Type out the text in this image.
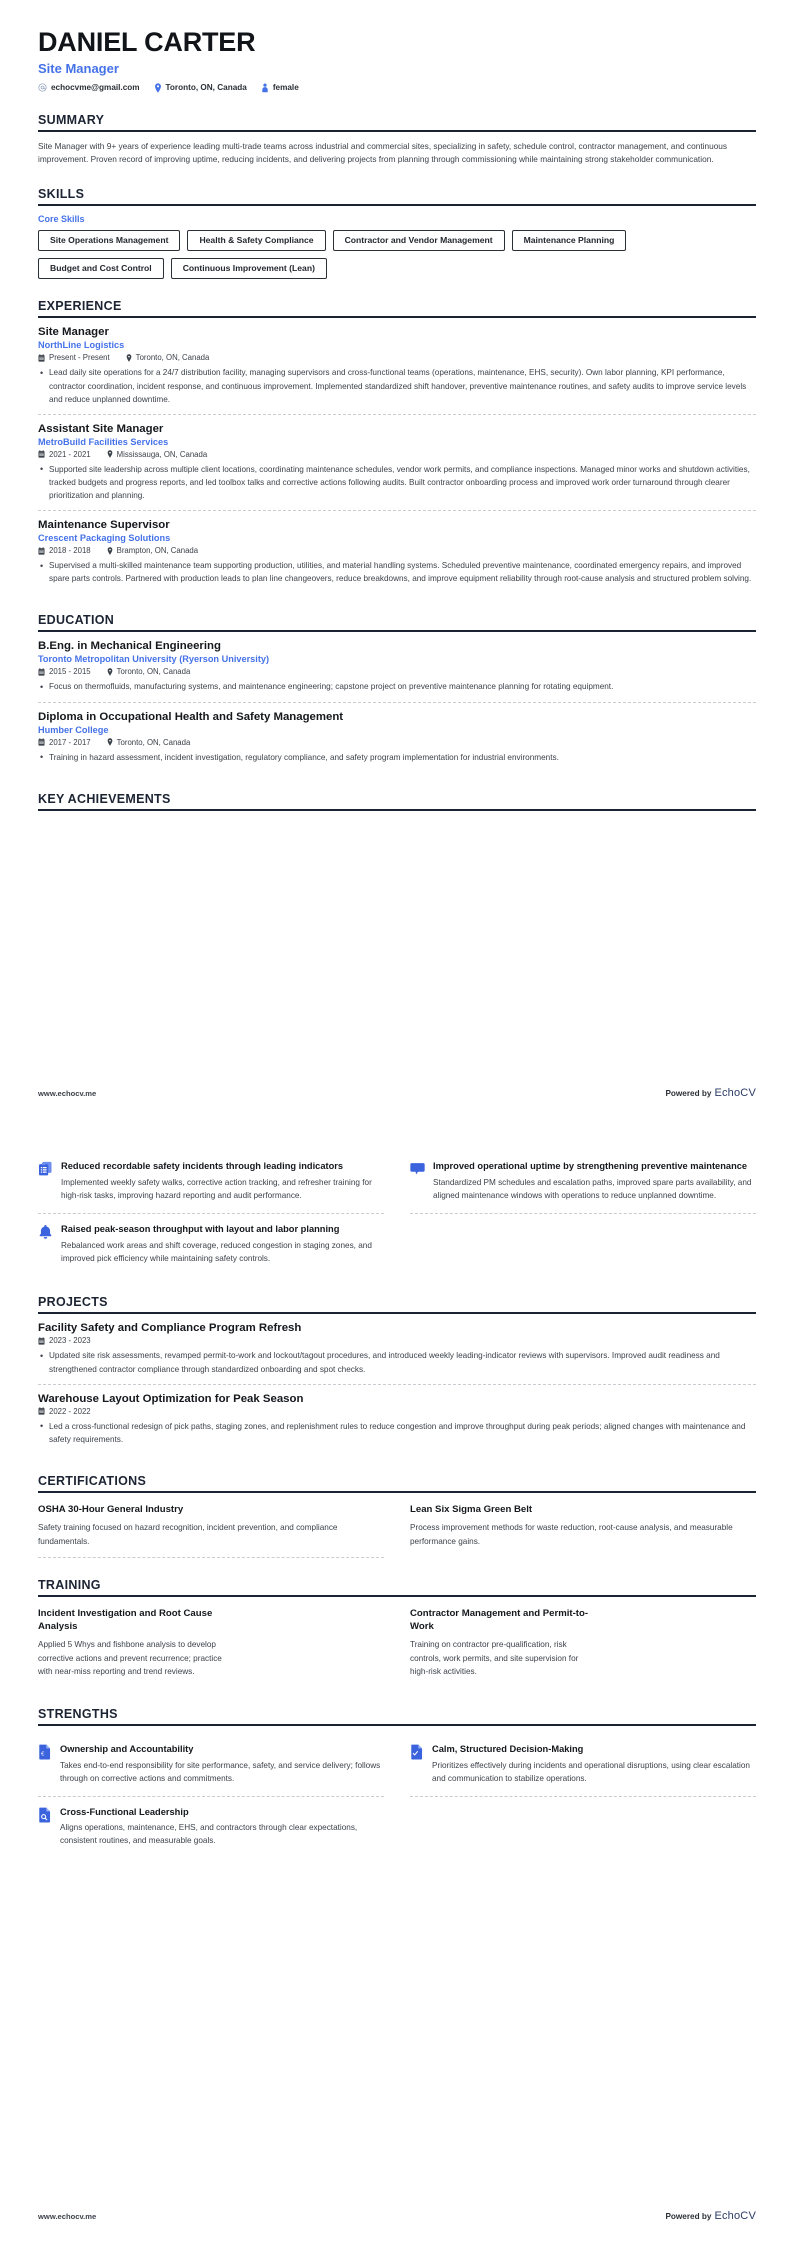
DANIEL CARTER
Site Manager
echocvme@gmail.com	Toronto, ON, Canada	female
SUMMARY
Site Manager with 9+ years of experience leading multi-trade teams across industrial and commercial sites, specializing in safety, schedule control, contractor management, and continuous improvement. Proven record of improving uptime, reducing incidents, and delivering projects from planning through commissioning while maintaining strong stakeholder communication.
SKILLS
Core Skills
Site Operations Management	Health & Safety Compliance	Contractor and Vendor Management	Maintenance Planning
Budget and Cost Control	Continuous Improvement (Lean)
EXPERIENCE
Site Manager
NorthLine Logistics
Present - Present	Toronto, ON, Canada
• Lead daily site operations for a 24/7 distribution facility, managing supervisors and cross-functional teams (operations, maintenance, EHS, security). Own labor planning, KPI performance, contractor coordination, incident response, and continuous improvement. Implemented standardized shift handover, preventive maintenance routines, and safety audits to improve service levels and reduce unplanned downtime.
Assistant Site Manager
MetroBuild Facilities Services
2021 - 2021	Mississauga, ON, Canada
• Supported site leadership across multiple client locations, coordinating maintenance schedules, vendor work permits, and compliance inspections. Managed minor works and shutdown activities, tracked budgets and progress reports, and led toolbox talks and corrective actions following audits. Built contractor onboarding process and improved work order turnaround through clearer prioritization and planning.
Maintenance Supervisor
Crescent Packaging Solutions
2018 - 2018	Brampton, ON, Canada
• Supervised a multi-skilled maintenance team supporting production, utilities, and material handling systems. Scheduled preventive maintenance, coordinated emergency repairs, and improved spare parts controls. Partnered with production leads to plan line changeovers, reduce breakdowns, and improve equipment reliability through root-cause analysis and structured problem solving.
EDUCATION
B.Eng. in Mechanical Engineering
Toronto Metropolitan University (Ryerson University)
2015 - 2015	Toronto, ON, Canada
• Focus on thermofluids, manufacturing systems, and maintenance engineering; capstone project on preventive maintenance planning for rotating equipment.
Diploma in Occupational Health and Safety Management
Humber College
2017 - 2017	Toronto, ON, Canada
• Training in hazard assessment, incident investigation, regulatory compliance, and safety program implementation for industrial environments.
KEY ACHIEVEMENTS
www.echocv.me	Powered by EchoCV
Reduced recordable safety incidents through leading indicators
Implemented weekly safety walks, corrective action tracking, and refresher training for high-risk tasks, improving hazard reporting and audit performance.
Improved operational uptime by strengthening preventive maintenance
Standardized PM schedules and escalation paths, improved spare parts availability, and aligned maintenance windows with operations to reduce unplanned downtime.
Raised peak-season throughput with layout and labor planning
Rebalanced work areas and shift coverage, reduced congestion in staging zones, and improved pick efficiency while maintaining safety controls.
PROJECTS
Facility Safety and Compliance Program Refresh
2023 - 2023
• Updated site risk assessments, revamped permit-to-work and lockout/tagout procedures, and introduced weekly leading-indicator reviews with supervisors. Improved audit readiness and strengthened contractor compliance through standardized onboarding and spot checks.
Warehouse Layout Optimization for Peak Season
2022 - 2022
• Led a cross-functional redesign of pick paths, staging zones, and replenishment rules to reduce congestion and improve throughput during peak periods; aligned changes with maintenance and safety requirements.
CERTIFICATIONS
OSHA 30-Hour General Industry
Safety training focused on hazard recognition, incident prevention, and compliance fundamentals.
Lean Six Sigma Green Belt
Process improvement methods for waste reduction, root-cause analysis, and measurable performance gains.
TRAINING
Incident Investigation and Root Cause Analysis
Applied 5 Whys and fishbone analysis to develop corrective actions and prevent recurrence; practice with near-miss reporting and trend reviews.
Contractor Management and Permit-to-Work
Training on contractor pre-qualification, risk controls, work permits, and site supervision for high-risk activities.
STRENGTHS
€
Ownership and Accountability
Takes end-to-end responsibility for site performance, safety, and service delivery; follows through on corrective actions and commitments.
Calm, Structured Decision-Making
Prioritizes effectively during incidents and operational disruptions, using clear escalation and communication to stabilize operations.
Cross-Functional Leadership
Aligns operations, maintenance, EHS, and contractors through clear expectations, consistent routines, and measurable goals.
www.echocv.me	Powered by EchoCV
